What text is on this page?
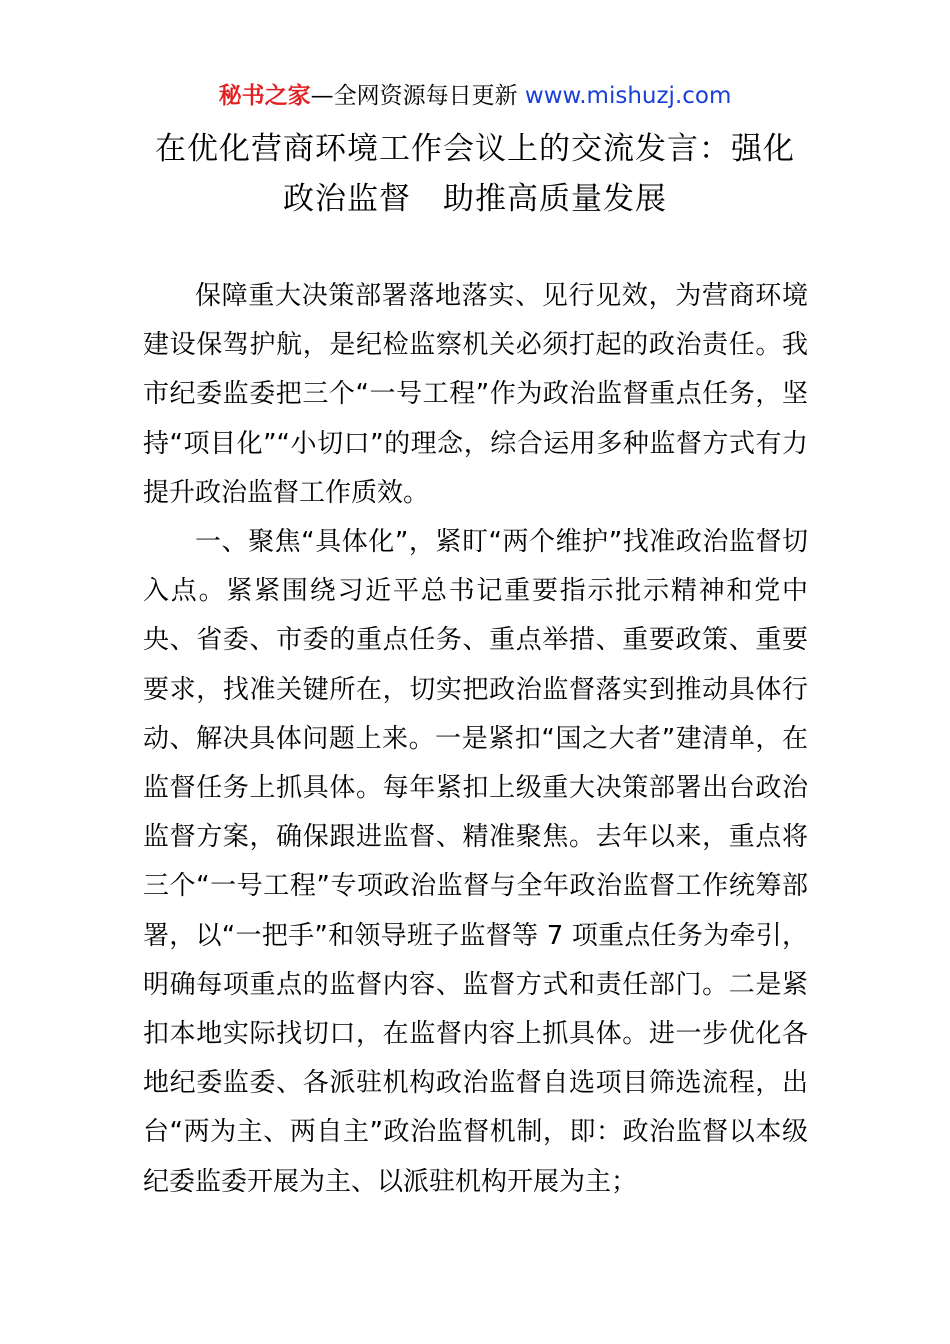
秘书之家—全网资源每日更新 www.mishuzj.com
在优化营商环境工作会议上的交流发言：强化
政治监督　助推高质量发展

保障重大决策部署落地落实、见行见效，为营商环境建设保驾护航，是纪检监察机关必须打起的政治责任。我市纪委监委把三个“一号工程”作为政治监督重点任务，坚持“项目化”“小切口”的理念，综合运用多种监督方式有力提升政治监督工作质效。

一、聚焦“具体化”，紧盯“两个维护”找准政治监督切入点。紧紧围绕习近平总书记重要指示批示精神和党中央、省委、市委的重点任务、重点举措、重要政策、重要要求，找准关键所在，切实把政治监督落实到推动具体行动、解决具体问题上来。一是紧扣“国之大者”建清单，在监督任务上抓具体。每年紧扣上级重大决策部署出台政治监督方案，确保跟进监督、精准聚焦。去年以来，重点将三个“一号工程”专项政治监督与全年政治监督工作统筹部署，以“一把手”和领导班子监督等 7 项重点任务为牵引，明确每项重点的监督内容、监督方式和责任部门。二是紧扣本地实际找切口，在监督内容上抓具体。进一步优化各地纪委监委、各派驻机构政治监督自选项目筛选流程，出台“两为主、两自主”政治监督机制，即：政治监督以本级纪委监委开展为主、以派驻机构开展为主；
